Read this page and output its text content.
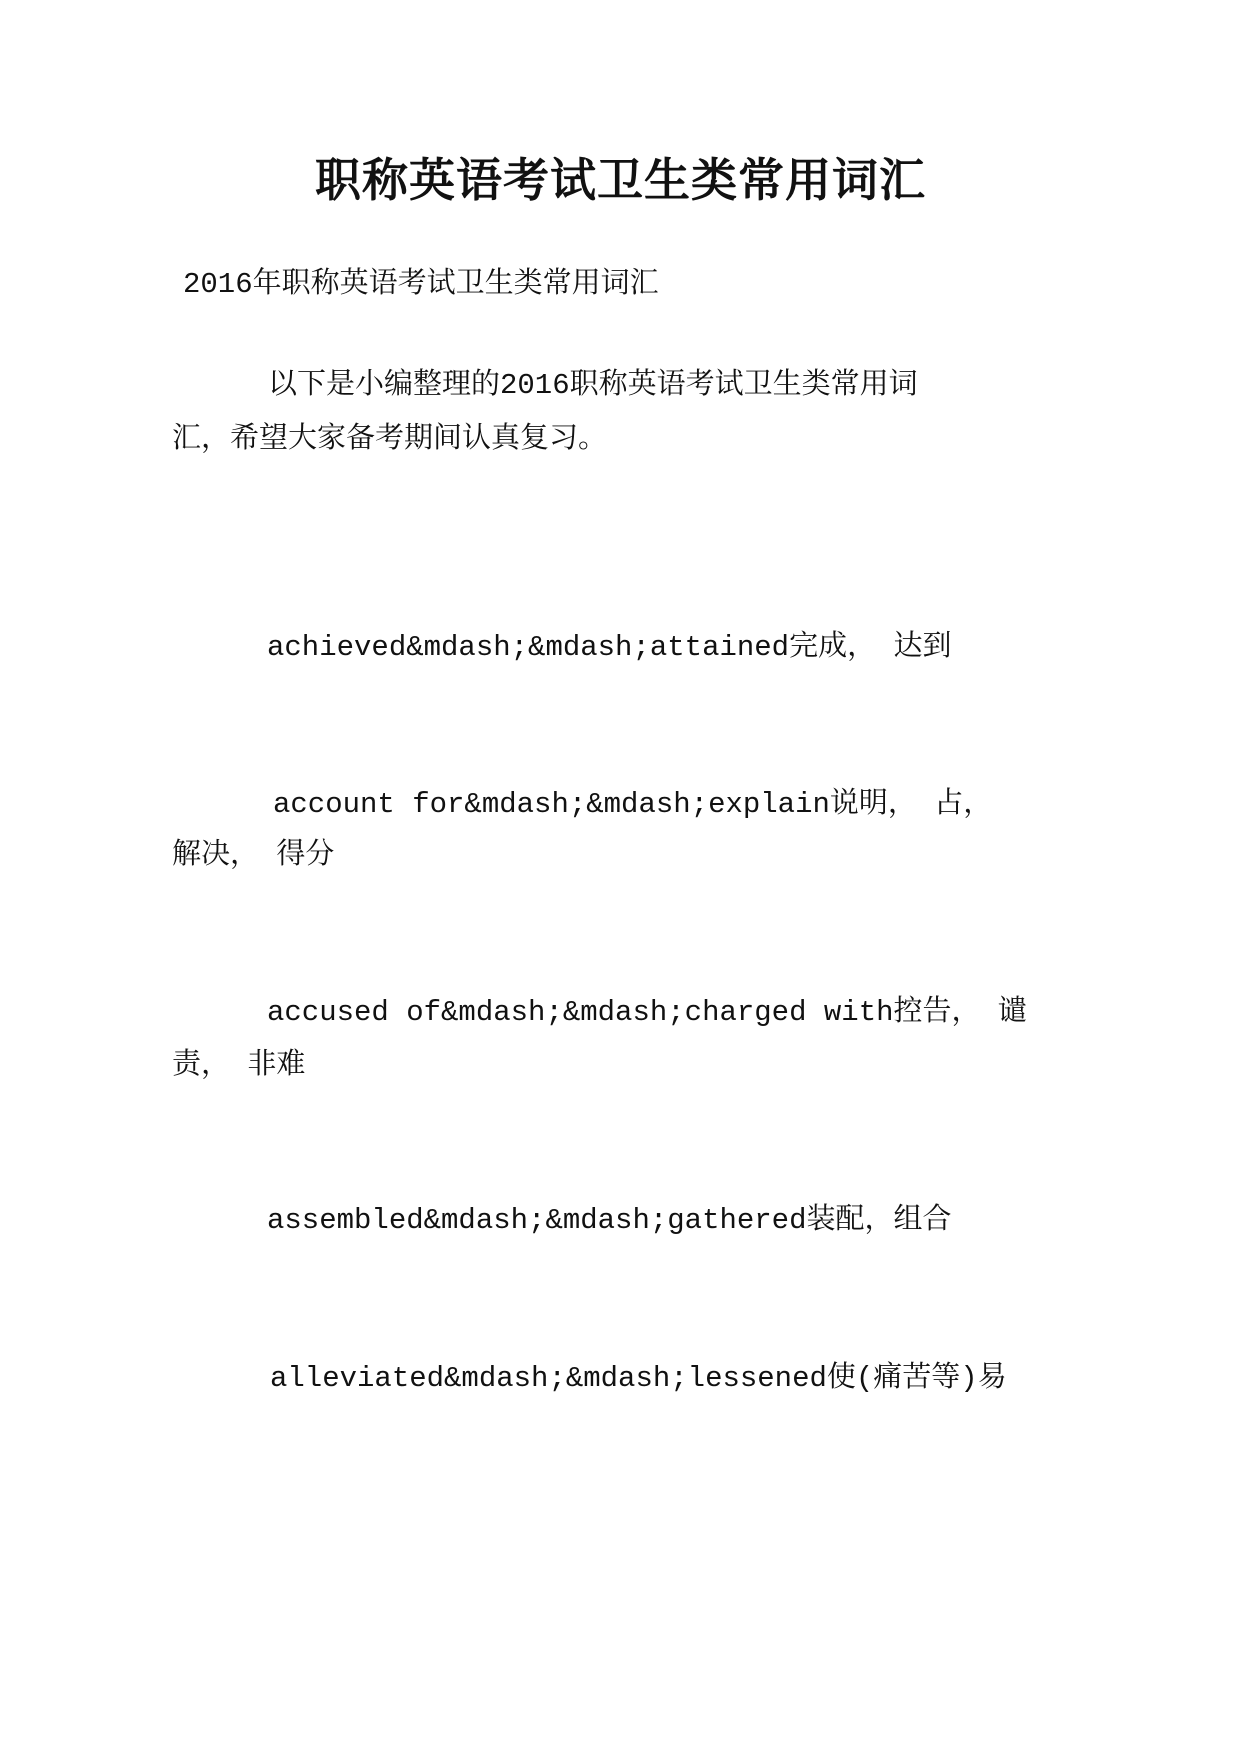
职称英语考试卫生类常用词汇

2016年职称英语考试卫生类常用词汇

以下是小编整理的2016职称英语考试卫生类常用词

汇，希望大家备考期间认真复习。

achieved&mdash;&mdash;attained完成， 达到

account for&mdash;&mdash;explain说明， 占，

解决， 得分

accused of&mdash;&mdash;charged with控告， 谴

责， 非难

assembled&mdash;&mdash;gathered装配，组合

alleviated&mdash;&mdash;lessened使(痛苦等)易
